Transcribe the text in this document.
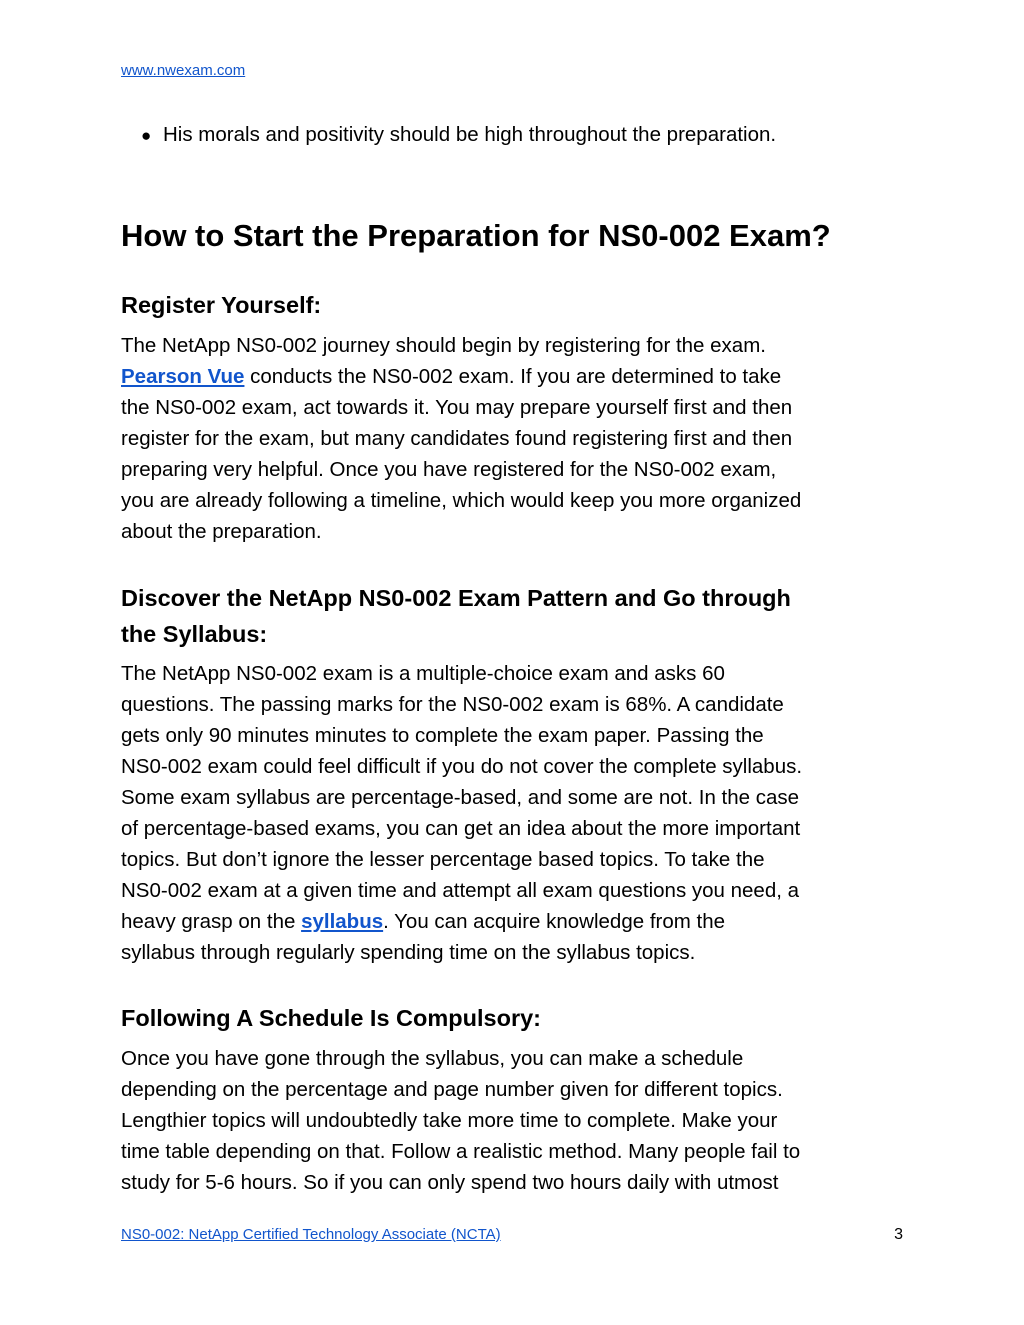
www.nwexam.com
● His morals and positivity should be high throughout the preparation.
How to Start the Preparation for NS0-002 Exam?
Register Yourself:

The NetApp NS0-002 journey should begin by registering for the exam.
Pearson Vue conducts the NS0-002 exam. If you are determined to take
the NS0-002 exam, act towards it. You may prepare yourself first and then
register for the exam, but many candidates found registering first and then
preparing very helpful. Once you have registered for the NS0-002 exam,
you are already following a timeline, which would keep you more organized
about the preparation.

Discover the NetApp NS0-002 Exam Pattern and Go through
the Syllabus:

The NetApp NS0-002 exam is a multiple-choice exam and asks 60
questions. The passing marks for the NS0-002 exam is 68%. A candidate
gets only 90 minutes minutes to complete the exam paper. Passing the
NS0-002 exam could feel difficult if you do not cover the complete syllabus.
Some exam syllabus are percentage-based, and some are not. In the case
of percentage-based exams, you can get an idea about the more important
topics. But don’t ignore the lesser percentage based topics. To take the
NS0-002 exam at a given time and attempt all exam questions you need, a
heavy grasp on the syllabus. You can acquire knowledge from the
syllabus through regularly spending time on the syllabus topics.

Following A Schedule Is Compulsory:

Once you have gone through the syllabus, you can make a schedule
depending on the percentage and page number given for different topics.
Lengthier topics will undoubtedly take more time to complete. Make your
time table depending on that. Follow a realistic method. Many people fail to
study for 5-6 hours. So if you can only spend two hours daily with utmost

NS0-002: NetApp Certified Technology Associate (NCTA)	3
